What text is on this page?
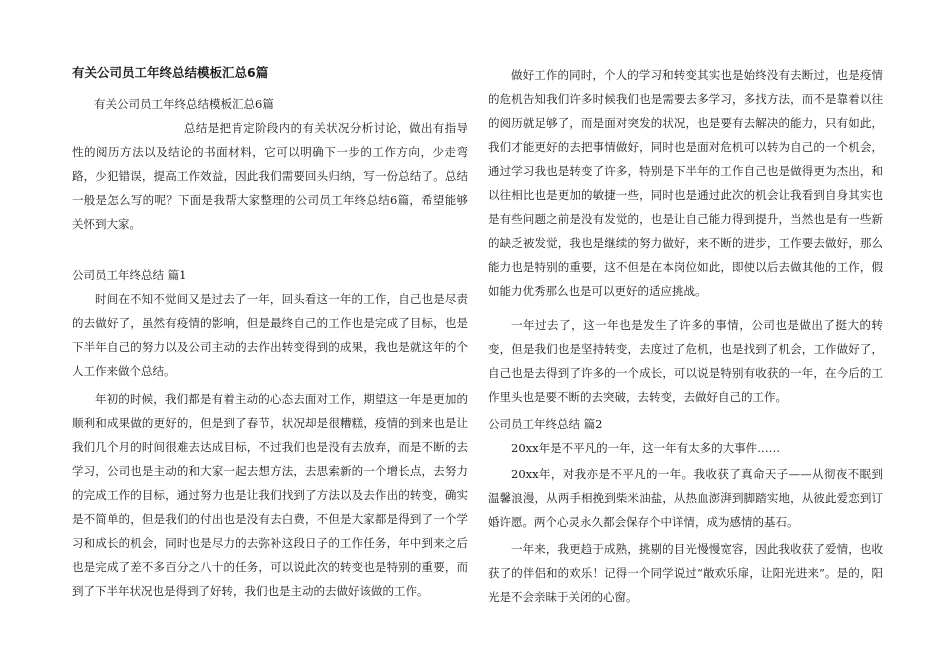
有关公司员工年终总结模板汇总6篇

有关公司员工年终总结模板汇总6篇

总结是把肯定阶段内的有关状况分析讨论，做出有指导性的阅历方法以及结论的书面材料，它可以明确下一步的工作方向，少走弯路，少犯错误，提高工作效益，因此我们需要回头归纳，写一份总结了。总结一般是怎么写的呢？下面是我帮大家整理的公司员工年终总结6篇，希望能够关怀到大家。

公司员工年终总结 篇1

时间在不知不觉间又是过去了一年，回头看这一年的工作，自己也是尽责的去做好了，虽然有疫情的影响，但是最终自己的工作也是完成了目标，也是下半年自己的努力以及公司主动的去作出转变得到的成果，我也是就这年的个人工作来做个总结。

年初的时候，我们都是有着主动的心态去面对工作，期望这一年是更加的顺利和成果做的更好的，但是到了春节，状况却是很糟糕，疫情的到来也是让我们几个月的时间很难去达成目标，不过我们也是没有去放弃，而是不断的去学习，公司也是主动的和大家一起去想方法，去思索新的一个增长点，去努力的完成工作的目标，通过努力也是让我们找到了方法以及去作出的转变，确实是不简单的，但是我们的付出也是没有去白费，不但是大家都是得到了一个学习和成长的机会，同时也是尽力的去弥补这段日子的工作任务，年中到来之后也是完成了差不多百分之八十的任务，可以说此次的转变也是特别的重要，而到了下半年状况也是得到了好转，我们也是主动的去做好该做的工作。

做好工作的同时，个人的学习和转变其实也是始终没有去断过，也是疫情的危机告知我们许多时候我们也是需要去多学习，多找方法，而不是靠着以往的阅历就足够了，而是面对突发的状况，也是要有去解决的能力，只有如此，我们才能更好的去把事情做好，同时也是面对危机可以转为自己的一个机会，通过学习我也是转变了许多，特别是下半年的工作自己也是做得更为杰出，和以往相比也是更加的敏捷一些，同时也是通过此次的机会让我看到自身其实也是有些问题之前是没有发觉的，也是让自己能力得到提升，当然也是有一些新的缺乏被发觉，我也是继续的努力做好，来不断的进步，工作要去做好，那么能力也是特别的重要，这不但是在本岗位如此，即使以后去做其他的工作，假如能力优秀那么也是可以更好的适应挑战。

一年过去了，这一年也是发生了许多的事情，公司也是做出了挺大的转变，但是我们也是坚持转变，去度过了危机，也是找到了机会，工作做好了，自己也是去得到了许多的一个成长，可以说是特别有收获的一年，在今后的工作里头也是要不断的去突破，去转变，去做好自己的工作。

公司员工年终总结 篇2

20xx年是不平凡的一年，这一年有太多的大事件……

20xx年，对我亦是不平凡的一年。我收获了真命天子——从彻夜不眠到温馨浪漫，从两手相挽到柴米油盐，从热血澎湃到脚踏实地，从彼此爱恋到订婚许愿。两个心灵永久都会保存个中详情，成为感情的基石。

一年来，我更趋于成熟，挑剔的目光慢慢宽容，因此我收获了爱情，也收获了的伴侣和的欢乐！记得一个同学说过“敞欢乐扉，让阳光进来”。是的，阳光是不会亲昧于关闭的心窗。
